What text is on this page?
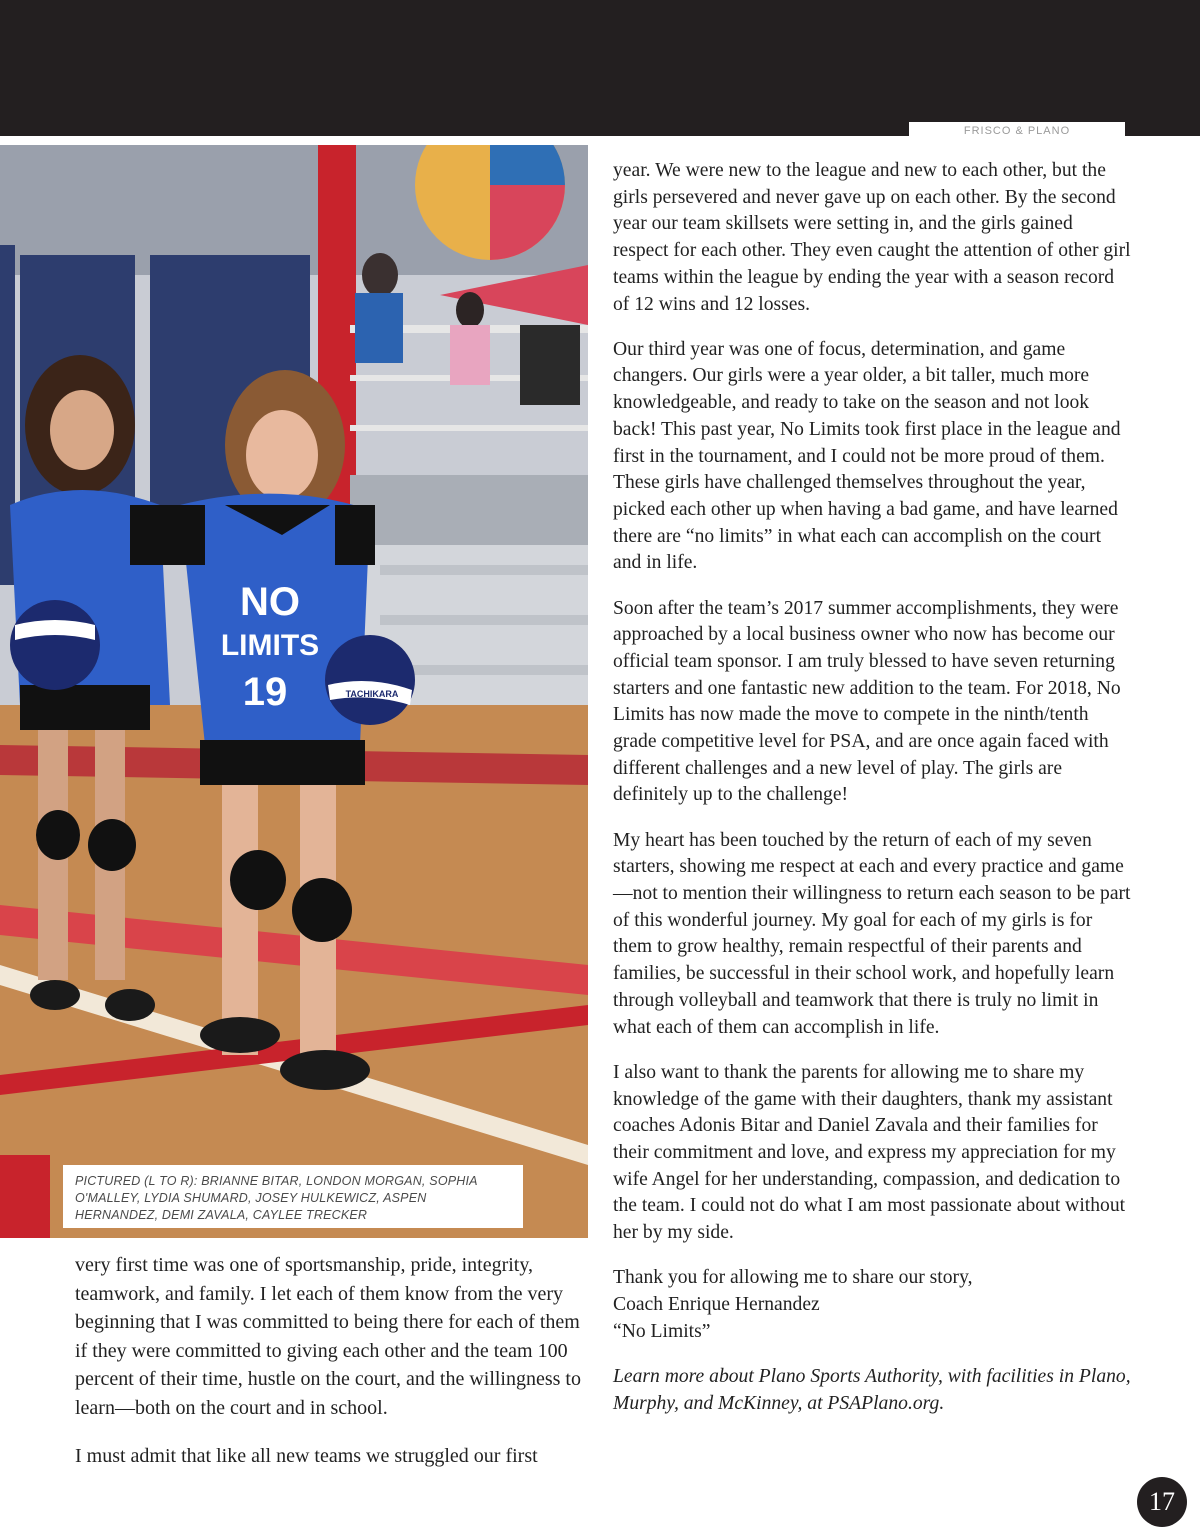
FRISCO & PLANO
NO
LIMITS
19	TACHIKARA
PICTURED (L TO R): BRIANNE BITAR, LONDON MORGAN, SOPHIA O'MALLEY, LYDIA SHUMARD, JOSEY HULKEWICZ, ASPEN HERNANDEZ, DEMI ZAVALA, CAYLEE TRECKER

very first time was one of sportsmanship, pride, integrity, teamwork, and family. I let each of them know from the very beginning that I was committed to being there for each of them if they were committed to giving each other and the team 100 percent of their time, hustle on the court, and the willingness to learn—both on the court and in school.

I must admit that like all new teams we struggled our first

year. We were new to the league and new to each other, but the girls persevered and never gave up on each other. By the second year our team skillsets were setting in, and the girls gained respect for each other. They even caught the attention of other girl teams within the league by ending the year with a season record of 12 wins and 12 losses.

Our third year was one of focus, determination, and game changers. Our girls were a year older, a bit taller, much more knowledgeable, and ready to take on the season and not look back! This past year, No Limits took first place in the league and first in the tournament, and I could not be more proud of them. These girls have challenged themselves throughout the year, picked each other up when having a bad game, and have learned there are “no limits” in what each can accomplish on the court and in life.

Soon after the team’s 2017 summer accomplishments, they were approached by a local business owner who now has become our official team sponsor. I am truly blessed to have seven returning starters and one fantastic new addition to the team. For 2018, No Limits has now made the move to compete in the ninth/tenth grade competitive level for PSA, and are once again faced with different challenges and a new level of play. The girls are definitely up to the challenge!

My heart has been touched by the return of each of my seven starters, showing me respect at each and every practice and game—not to mention their willingness to return each season to be part of this wonderful journey. My goal for each of my girls is for them to grow healthy, remain respectful of their parents and families, be successful in their school work, and hopefully learn through volleyball and teamwork that there is truly no limit in what each of them can accomplish in life.

I also want to thank the parents for allowing me to share my knowledge of the game with their daughters, thank my assistant coaches Adonis Bitar and Daniel Zavala and their families for their commitment and love, and express my appreciation for my wife Angel for her understanding, compassion, and dedication to the team. I could not do what I am most passionate about without her by my side.

Thank you for allowing me to share our story,
Coach Enrique Hernandez
“No Limits”

Learn more about Plano Sports Authority, with facilities in Plano, Murphy, and McKinney, at PSAPlano.org.

17
